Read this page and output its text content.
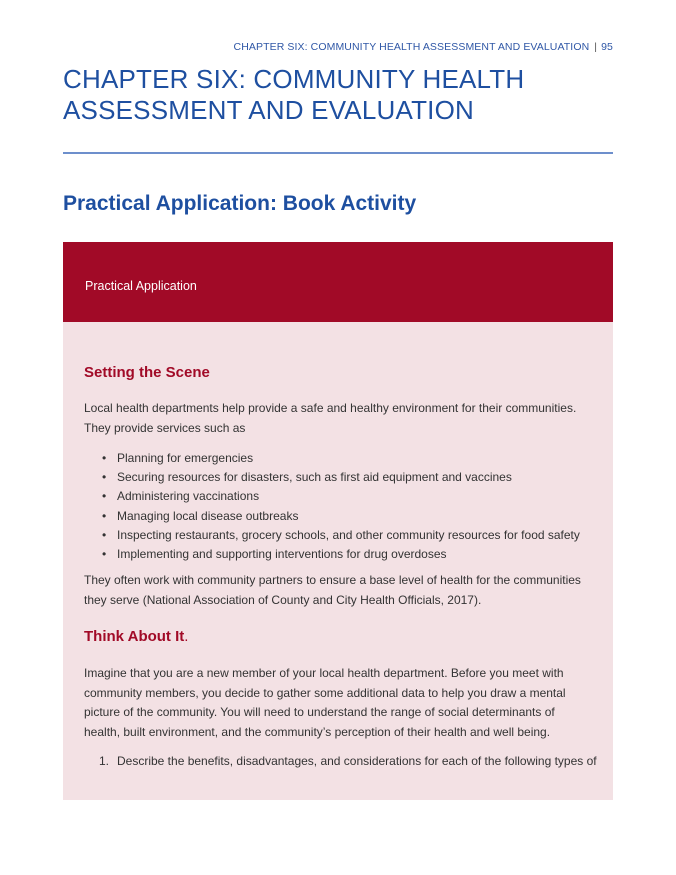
CHAPTER SIX: COMMUNITY HEALTH ASSESSMENT AND EVALUATION | 95
CHAPTER SIX: COMMUNITY HEALTH
ASSESSMENT AND EVALUATION
Practical Application: Book Activity
Practical Application
Setting the Scene

Local health departments help provide a safe and healthy environment for their communities. They provide services such as

• Planning for emergencies
• Securing resources for disasters, such as first aid equipment and vaccines
• Administering vaccinations
• Managing local disease outbreaks
• Inspecting restaurants, grocery schools, and other community resources for food safety
• Implementing and supporting interventions for drug overdoses

They often work with community partners to ensure a base level of health for the communities they serve (National Association of County and City Health Officials, 2017).

Think About It.

Imagine that you are a new member of your local health department. Before you meet with community members, you decide to gather some additional data to help you draw a mental picture of the community. You will need to understand the range of social determinants of health, built environment, and the community’s perception of their health and well being.

1. Describe the benefits, disadvantages, and considerations for each of the following types of
